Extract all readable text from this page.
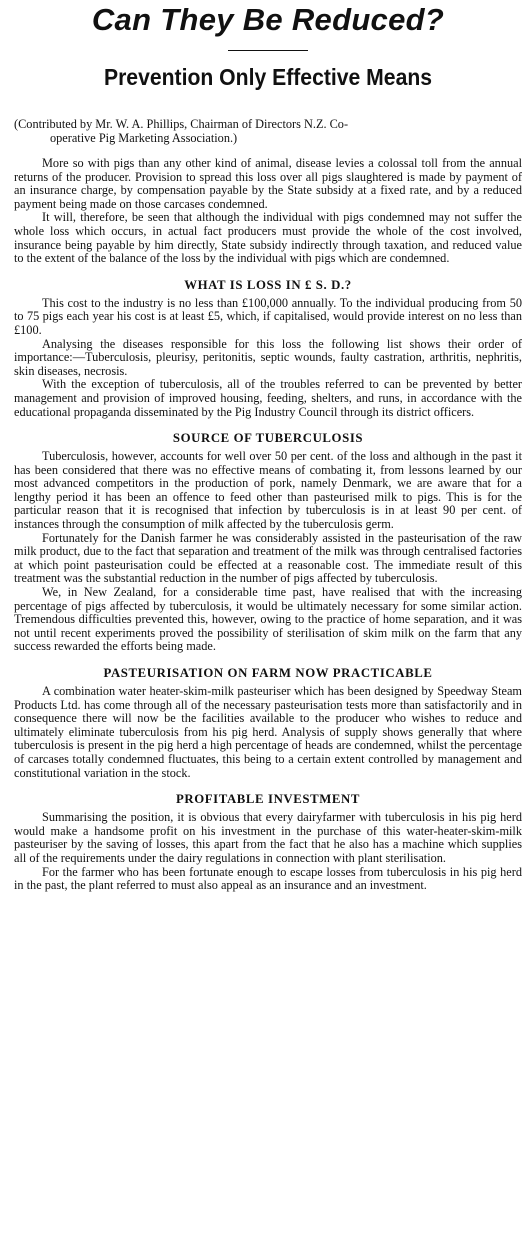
Can They Be Reduced?
Prevention Only Effective Means

(Contributed by Mr. W. A. Phillips, Chairman of Directors N.Z. Co-
operative Pig Marketing Association.)

More so with pigs than any other kind of animal, disease levies a colossal toll from the annual returns of the producer. Provision to spread this loss over all pigs slaughtered is made by payment of an insurance charge, by compensation payable by the State subsidy at a fixed rate, and by a reduced payment being made on those carcases condemned.

It will, therefore, be seen that although the individual with pigs condemned may not suffer the whole loss which occurs, in actual fact producers must provide the whole of the cost involved, insurance being payable by him directly, State subsidy indirectly through taxation, and reduced value to the extent of the balance of the loss by the individual with pigs which are condemned.

WHAT IS LOSS IN £ S. D.?

This cost to the industry is no less than £100,000 annually. To the individual producing from 50 to 75 pigs each year his cost is at least £5, which, if capitalised, would provide interest on no less than £100.

Analysing the diseases responsible for this loss the following list shows their order of importance:—Tuberculosis, pleurisy, peritonitis, septic wounds, faulty castration, arthritis, nephritis, skin diseases, necrosis.

With the exception of tuberculosis, all of the troubles referred to can be prevented by better management and provision of improved housing, feeding, shelters, and runs, in accordance with the educational propaganda disseminated by the Pig Industry Council through its district officers.

SOURCE OF TUBERCULOSIS

Tuberculosis, however, accounts for well over 50 per cent. of the loss and although in the past it has been considered that there was no effective means of combating it, from lessons learned by our most advanced competitors in the production of pork, namely Denmark, we are aware that for a lengthy period it has been an offence to feed other than pasteurised milk to pigs. This is for the particular reason that it is recognised that infection by tuberculosis is in at least 90 per cent. of instances through the consumption of milk affected by the tuberculosis germ.

Fortunately for the Danish farmer he was considerably assisted in the pasteurisation of the raw milk product, due to the fact that separation and treatment of the milk was through centralised factories at which point pasteurisation could be effected at a reasonable cost. The immediate result of this treatment was the substantial reduction in the number of pigs affected by tuberculosis.

We, in New Zealand, for a considerable time past, have realised that with the increasing percentage of pigs affected by tuberculosis, it would be ultimately necessary for some similar action. Tremendous difficulties prevented this, however, owing to the practice of home separation, and it was not until recent experiments proved the possibility of sterilisation of skim milk on the farm that any success rewarded the efforts being made.

PASTEURISATION ON FARM NOW PRACTICABLE

A combination water heater-skim-milk pasteuriser which has been designed by Speedway Steam Products Ltd. has come through all of the necessary pasteurisation tests more than satisfactorily and in consequence there will now be the facilities available to the producer who wishes to reduce and ultimately eliminate tuberculosis from his pig herd. Analysis of supply shows generally that where tuberculosis is present in the pig herd a high percentage of heads are condemned, whilst the percentage of carcases totally condemned fluctuates, this being to a certain extent controlled by management and constitutional variation in the stock.

PROFITABLE INVESTMENT

Summarising the position, it is obvious that every dairyfarmer with tuberculosis in his pig herd would make a handsome profit on his investment in the purchase of this water-heater-skim-milk pasteuriser by the saving of losses, this apart from the fact that he also has a machine which supplies all of the requirements under the dairy regulations in connection with plant sterilisation.

For the farmer who has been fortunate enough to escape losses from tuberculosis in his pig herd in the past, the plant referred to must also appeal as an insurance and an investment.
